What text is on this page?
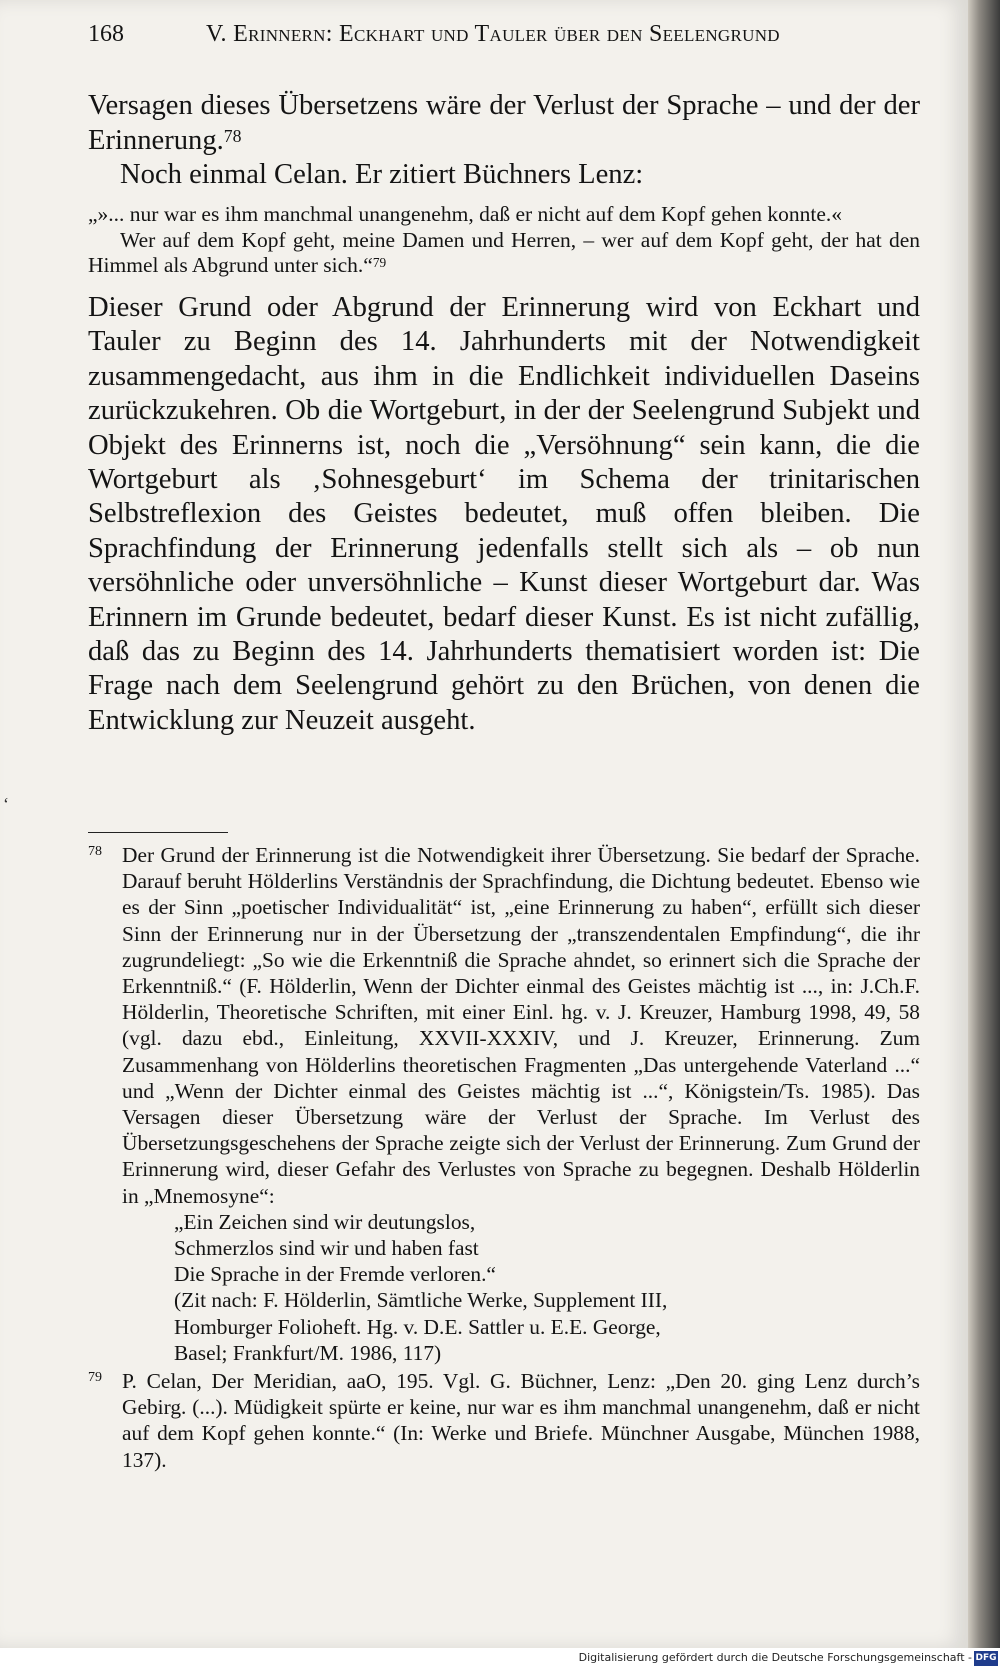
168	V. Erinnern: Eckhart und Tauler über den Seelengrund

Versagen dieses Übersetzens wäre der Verlust der Sprache – und der der Erinnerung.$^{78}$

Noch einmal Celan. Er zitiert Büchners Lenz:

„»... nur war es ihm manchmal unangenehm, daß er nicht auf dem Kopf gehen konnte.«

Wer auf dem Kopf geht, meine Damen und Herren, – wer auf dem Kopf geht, der hat den Himmel als Abgrund unter sich.“$^{79}$

Dieser Grund oder Abgrund der Erinnerung wird von Eckhart und Tauler zu Beginn des 14. Jahrhunderts mit der Notwendigkeit zusammengedacht, aus ihm in die Endlichkeit individuellen Daseins zurückzukehren. Ob die Wortgeburt, in der der Seelengrund Subjekt und Objekt des Erinnerns ist, noch die „Versöhnung“ sein kann, die die Wortgeburt als ‚Sohnesgeburt‘ im Schema der trinitarischen Selbstreflexion des Geistes bedeutet, muß offen bleiben. Die Sprachfindung der Erinnerung jedenfalls stellt sich als – ob nun versöhnliche oder unversöhnliche – Kunst dieser Wortgeburt dar. Was Erinnern im Grunde bedeutet, bedarf dieser Kunst. Es ist nicht zufällig, daß das zu Beginn des 14. Jahrhunderts thematisiert worden ist: Die Frage nach dem Seelengrund gehört zu den Brüchen, von denen die Entwicklung zur Neuzeit ausgeht.

‘
78 Der Grund der Erinnerung ist die Notwendigkeit ihrer Übersetzung. Sie bedarf der Sprache. Darauf beruht Hölderlins Verständnis der Sprachfindung, die Dichtung bedeutet. Ebenso wie es der Sinn „poetischer Individualität“ ist, „eine Erinnerung zu haben“, erfüllt sich dieser Sinn der Erinnerung nur in der Übersetzung der „transzendentalen Empfindung“, die ihr zugrundeliegt: „So wie die Erkenntniß die Sprache ahndet, so erinnert sich die Sprache der Erkenntniß.“ (F. Hölderlin, Wenn der Dichter einmal des Geistes mächtig ist ..., in: J.Ch.F. Hölderlin, Theoretische Schriften, mit einer Einl. hg. v. J. Kreuzer, Hamburg 1998, 49, 58 (vgl. dazu ebd., Einleitung, XXVII-XXXIV, und J. Kreuzer, Erinnerung. Zum Zusammenhang von Hölderlins theoretischen Fragmenten „Das untergehende Vaterland ...“ und „Wenn der Dichter einmal des Geistes mächtig ist ...“, Königstein/Ts. 1985). Das Versagen dieser Übersetzung wäre der Verlust der Sprache. Im Verlust des Übersetzungsgeschehens der Sprache zeigte sich der Verlust der Erinnerung. Zum Grund der Erinnerung wird, dieser Gefahr des Verlustes von Sprache zu begegnen. Deshalb Hölderlin in „Mnemosyne“:
„Ein Zeichen sind wir deutungslos,
Schmerzlos sind wir und haben fast
Die Sprache in der Fremde verloren.“
(Zit nach: F. Hölderlin, Sämtliche Werke, Supplement III,
Homburger Folioheft. Hg. v. D.E. Sattler u. E.E. George,
Basel; Frankfurt/M. 1986, 117)
79 P. Celan, Der Meridian, aaO, 195. Vgl. G. Büchner, Lenz: „Den 20. ging Lenz durch’s Gebirg. (...). Müdigkeit spürte er keine, nur war es ihm manchmal unangenehm, daß er nicht auf dem Kopf gehen konnte.“ (In: Werke und Briefe. Münchner Ausgabe, München 1988, 137).
Digitalisierung gefördert durch die Deutsche Forschungsgemeinschaft - DFG
